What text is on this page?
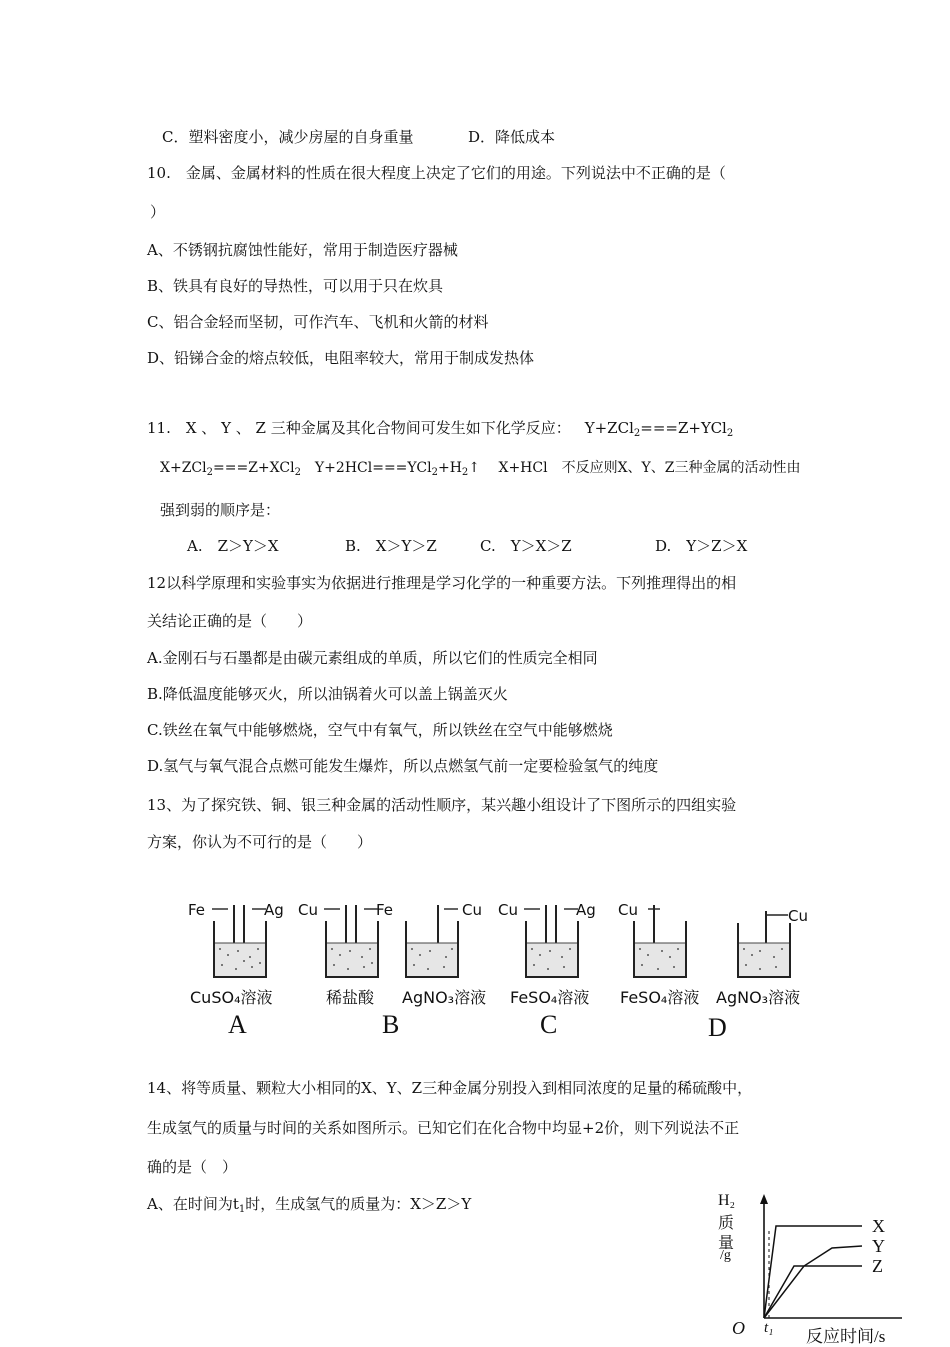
C．塑料密度小，减少房屋的自身重量	D．降低成本
10.　金属、金属材料的性质在很大程度上决定了它们的用途。下列说法中不正确的是（
）
A、不锈钢抗腐蚀性能好，常用于制造医疗器械
B、铁具有良好的导热性，可以用于只在炊具
C、铝合金轻而坚韧，可作汽车、飞机和火箭的材料
D、铅锑合金的熔点较低，电阻率较大，常用于制成发热体
11.　X 、 Y 、 Z 三种金属及其化合物间可发生如下化学反应： Y+ZCl$_2$===Z+YCl$_2$
X+ZCl$_2$===Z+XCl$_2$　$Y+2HCl===YCl_2+H_2↑$　 X+HCl　不反应则X、Y、Z三种金属的活动性由
强到弱的顺序是：
A.　Z＞Y＞X	B.　X＞Y＞Z	C.　Y＞X＞Z	D.　Y＞Z＞X
12以科学原理和实验事实为依据进行推理是学习化学的一种重要方法。下列推理得出的相
关结论正确的是（　　）
A.金刚石与石墨都是由碳元素组成的单质，所以它们的性质完全相同
B.降低温度能够灭火，所以油锅着火可以盖上锅盖灭火
C.铁丝在氧气中能够燃烧，空气中有氧气，所以铁丝在空气中能够燃烧
D.氢气与氧气混合点燃可能发生爆炸，所以点燃氢气前一定要检验氢气的纯度
13、为了探究铁、铜、银三种金属的活动性顺序，某兴趣小组设计了下图所示的四组实验
方案，你认为不可行的是（　　）
Fe	Ag
CuSO₄溶液
A
Cu	Fe
稀盐酸
Cu
AgNO₃溶液
B
Cu	Ag
FeSO₄溶液
C
Cu
FeSO₄溶液
Cu
AgNO₃溶液
D
14、将等质量、颗粒大小相同的X、Y、Z三种金属分别投入到相同浓度的足量的稀硫酸中，
生成氢气的质量与时间的关系如图所示。已知它们在化合物中均显+2价，则下列说法不正
确的是（　）
A、在时间为$t_1$时，生成氢气的质量为：X＞Z＞Y	H₂
质
量
/g
O t₁ 反应时间/s
X
Y
Z
